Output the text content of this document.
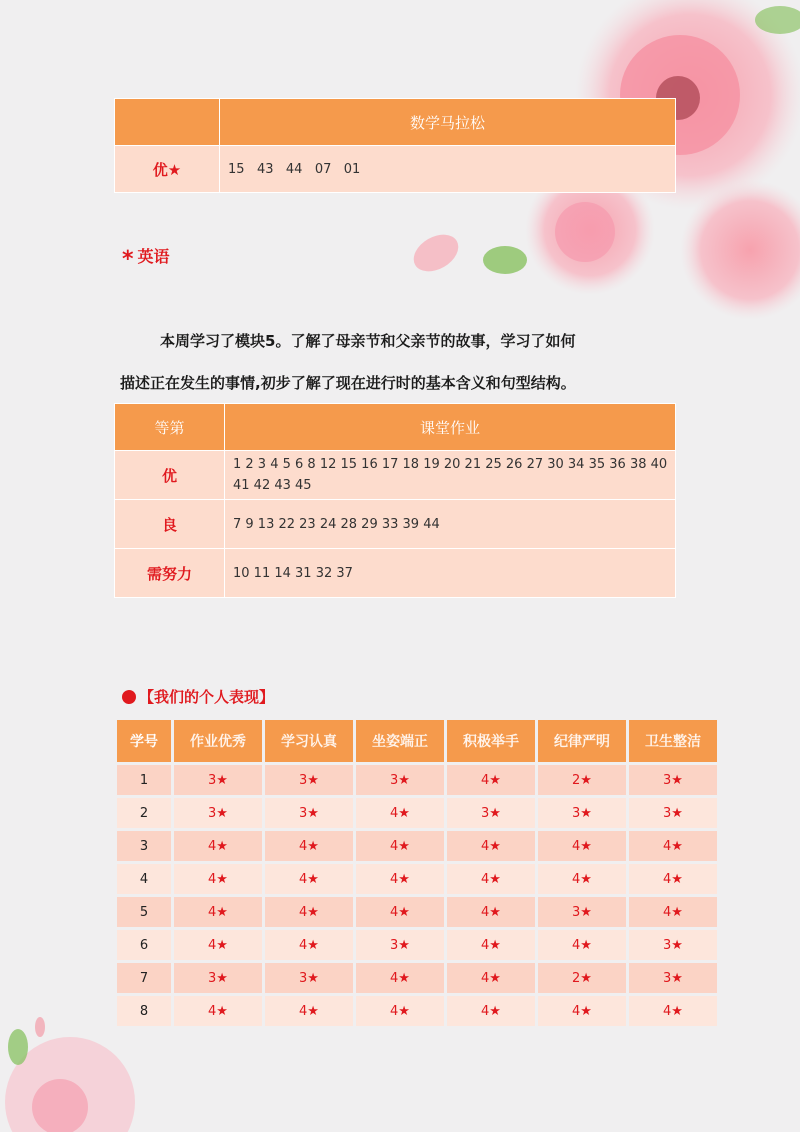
	数学马拉松
优★	15   43   44   07   01
* 英语
本周学习了模块5。了解了母亲节和父亲节的故事，学习了如何
描述正在发生的事情,初步了解了现在进行时的基本含义和句型结构。
等第	课堂作业
优	1 2 3 4 5 6 8 12 15 16 17 18 19 20 21 25 26 27 30 34 35 36 38 40 41 42 43 45
良	7 9 13 22 23 24 28 29 33 39 44
需努力	10 11 14 31 32 37
【我们的个人表现】
学号	作业优秀	学习认真	坐姿端正	积极举手	纪律严明	卫生整洁
1	3★	3★	3★	4★	2★	3★
2	3★	3★	4★	3★	3★	3★
3	4★	4★	4★	4★	4★	4★
4	4★	4★	4★	4★	4★	4★
5	4★	4★	4★	4★	3★	4★
6	4★	4★	3★	4★	4★	3★
7	3★	3★	4★	4★	2★	3★
8	4★	4★	4★	4★	4★	4★
